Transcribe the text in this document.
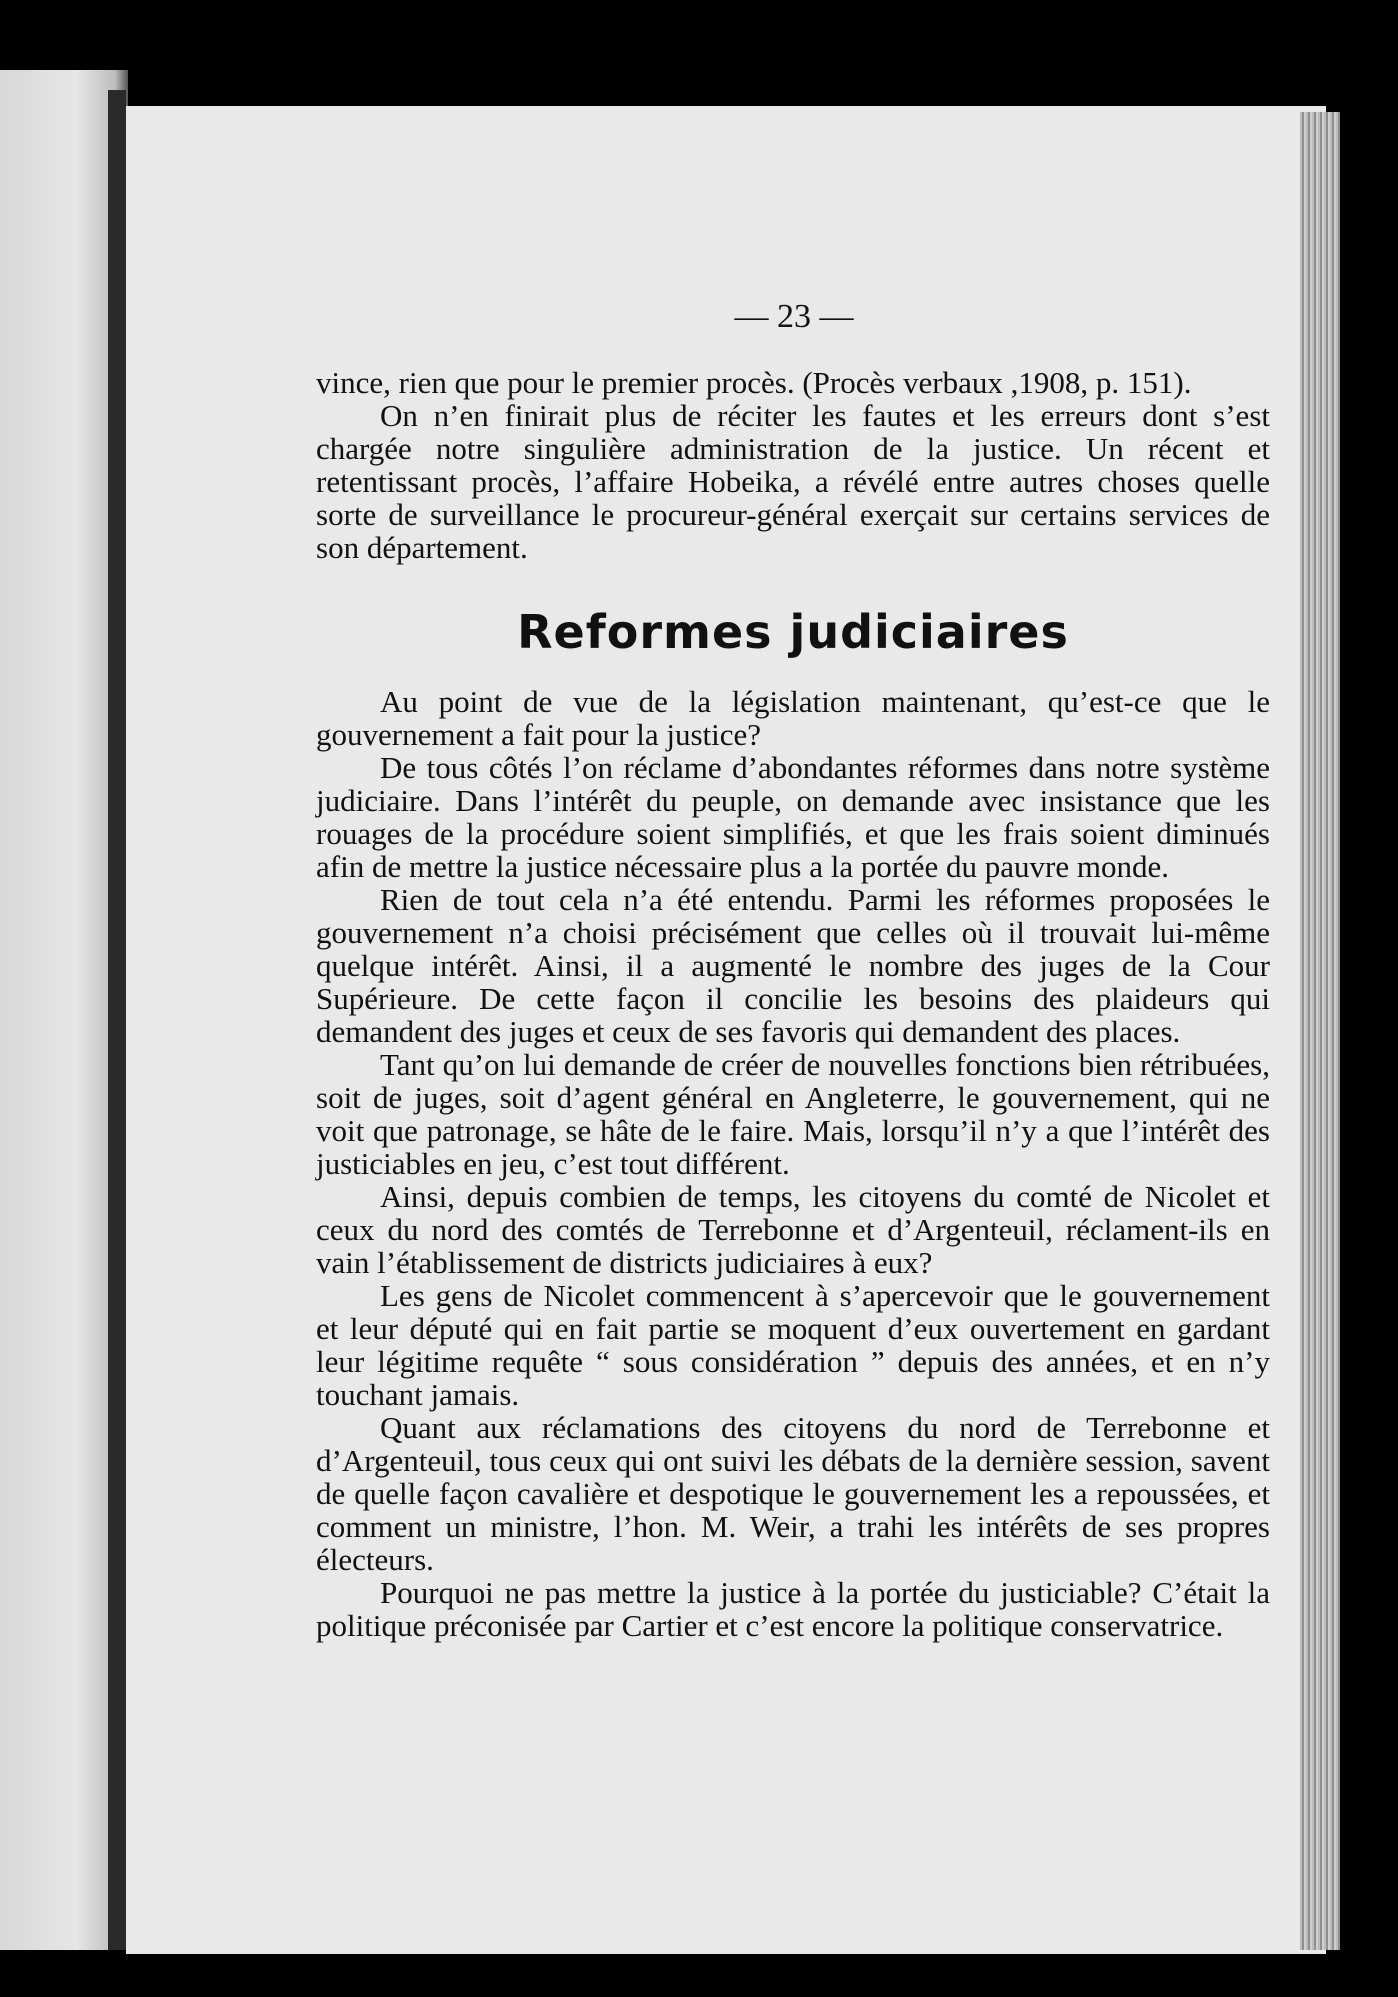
— 23 —

vince, rien que pour le premier procès. (Procès verbaux ,1908, p. 151).

On n’en finirait plus de réciter les fautes et les erreurs dont s’est chargée notre singulière administration de la justice. Un récent et retentissant procès, l’affaire Hobeika, a révélé entre autres choses quelle sorte de surveillance le procureur-général exerçait sur certains services de son département.

Reformes judiciaires

Au point de vue de la législation maintenant, qu’est-ce que le gouvernement a fait pour la justice?

De tous côtés l’on réclame d’abondantes réformes dans notre système judiciaire. Dans l’intérêt du peuple, on demande avec insistance que les rouages de la procédure soient simplifiés, et que les frais soient diminués afin de mettre la justice nécessaire plus a la portée du pauvre monde.

Rien de tout cela n’a été entendu. Parmi les réformes proposées le gouvernement n’a choisi précisément que celles où il trouvait lui-même quelque intérêt. Ainsi, il a augmenté le nombre des juges de la Cour Supérieure. De cette façon il concilie les besoins des plaideurs qui demandent des juges et ceux de ses favoris qui demandent des places.

Tant qu’on lui demande de créer de nouvelles fonctions bien rétribuées, soit de juges, soit d’agent général en Angleterre, le gouvernement, qui ne voit que patronage, se hâte de le faire. Mais, lorsqu’il n’y a que l’intérêt des justiciables en jeu, c’est tout différent.

Ainsi, depuis combien de temps, les citoyens du comté de Nicolet et ceux du nord des comtés de Terrebonne et d’Argenteuil, réclament-ils en vain l’établissement de districts judiciaires à eux?

Les gens de Nicolet commencent à s’apercevoir que le gouvernement et leur député qui en fait partie se moquent d’eux ouvertement en gardant leur légitime requête “ sous considération ” depuis des années, et en n’y touchant jamais.

Quant aux réclamations des citoyens du nord de Terrebonne et d’Argenteuil, tous ceux qui ont suivi les débats de la dernière session, savent de quelle façon cavalière et despotique le gouvernement les a repoussées, et comment un ministre, l’hon. M. Weir, a trahi les intérêts de ses propres électeurs.

Pourquoi ne pas mettre la justice à la portée du justiciable? C’était la politique préconisée par Cartier et c’est encore la politique conservatrice.
